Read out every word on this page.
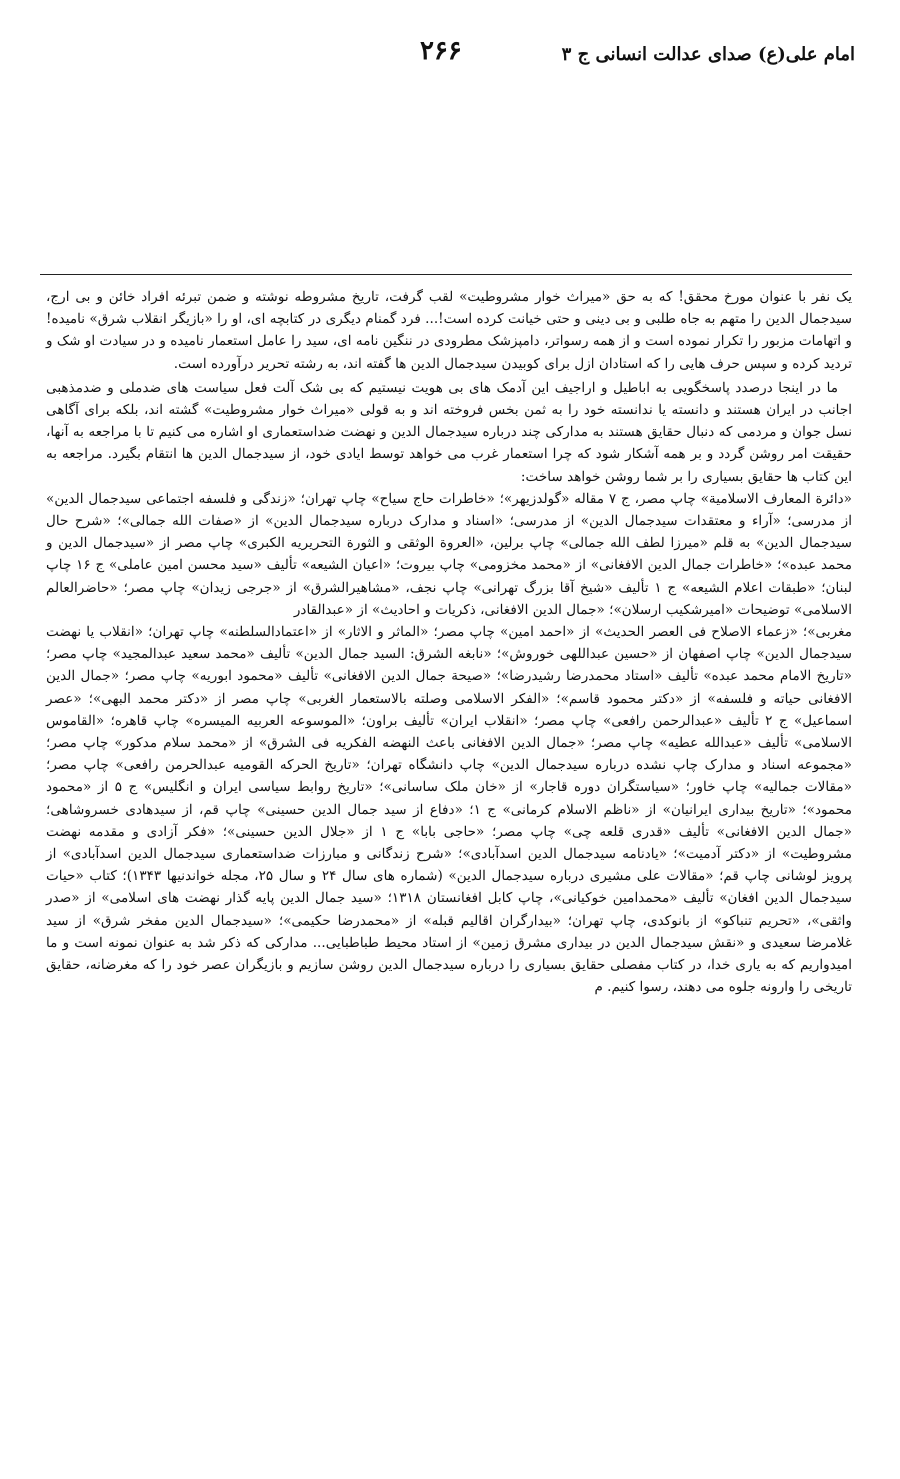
امام علی(ع) صدای عدالت انسانی ج ۳
۲۶۶

یک نفر با عنوان مورخ محقق! که به حق «میراث خوار مشروطیت» لقب گرفت، تاریخ مشروطه نوشته و ضمن تبرئه افراد خائن و بی ارج، سیدجمال الدین را متهم به جاه طلبی و بی دینی و حتی خیانت کرده است!... فرد گمنام دیگری در کتابچه ای، او را «بازیگر انقلاب شرق» نامیده! و اتهامات مزبور را تکرار نموده است و از همه رسواتر، دامپزشک مطرودی در ننگین نامه ای، سید را عامل استعمار نامیده و در سیادت او شک و تردید کرده و سپس حرف هایی را که استادان ازل برای کوبیدن سیدجمال الدین ها گفته اند، به رشته تحریر درآورده است.

ما در اینجا درصدد پاسخگویی به اباطیل و اراجیف این آدمک های بی هویت نیستیم که بی شک آلت فعل سیاست های ضدملی و ضدمذهبی اجانب در ایران هستند و دانسته یا ندانسته خود را به ثمن بخس فروخته اند و به قولی «میراث خوار مشروطیت» گشته اند، بلکه برای آگاهی نسل جوان و مردمی که دنبال حقایق هستند به مدارکی چند درباره سیدجمال الدین و نهضت ضداستعماری او اشاره می کنیم تا با مراجعه به آنها، حقیقت امر روشن گردد و بر همه آشکار شود که چرا استعمار غرب می خواهد توسط ایادی خود، از سیدجمال الدین ها انتقام بگیرد. مراجعه به این کتاب ها حقایق بسیاری را بر شما روشن خواهد ساخت:

«دائرة المعارف الاسلامیة» چاپ مصر، ج ۷ مقاله «گولدزیهر»؛ «خاطرات حاج سیاح» چاپ تهران؛ «زندگی و فلسفه اجتماعی سیدجمال الدین» از مدرسی؛ «آراء و معتقدات سیدجمال الدین» از مدرسی؛ «اسناد و مدارک درباره سیدجمال الدین» از «صفات الله جمالی»؛ «شرح حال سیدجمال الدین» به قلم «میرزا لطف الله جمالی» چاپ برلین، «العروة الوثقی و الثورة التحریریه الکبری» چاپ مصر از «سیدجمال الدین و محمد عبده»؛ «خاطرات جمال الدین الافغانی» از «محمد مخزومی» چاپ بیروت؛ «اعیان الشیعه» تألیف «سید محسن امین عاملی» ج ۱۶ چاپ لبنان؛ «طبقات اعلام الشیعه» ج ۱ تألیف «شیخ آقا بزرگ تهرانی» چاپ نجف، «مشاهیرالشرق» از «جرجی زیدان» چاپ مصر؛ «حاضرالعالم الاسلامی» توضیحات «امیرشکیب ارسلان»؛ «جمال الدین الافغانی، ذکریات و احادیث» از «عبدالقادر

مغربی»؛ «زعماء الاصلاح فی العصر الحدیث» از «احمد امین» چاپ مصر؛ «الماثر و الاثار» از «اعتمادالسلطنه» چاپ تهران؛ «انقلاب یا نهضت سیدجمال الدین» چاپ اصفهان از «حسین عبداللهی خوروش»؛ «نابغه الشرق: السید جمال الدین» تألیف «محمد سعید عبدالمجید» چاپ مصر؛ «تاریخ الامام محمد عبده» تألیف «استاد محمدرضا رشیدرضا»؛ «صیحة جمال الدین الافغانی» تألیف «محمود ابوریه» چاپ مصر؛ «جمال الدین الافغانی حیاته و فلسفه» از «دکتر محمود قاسم»؛ «الفکر الاسلامی وصلته بالاستعمار الغربی» چاپ مصر از «دکتر محمد البهی»؛ «عصر اسماعیل» ج ۲ تألیف «عبدالرحمن رافعی» چاپ مصر؛ «انقلاب ایران» تألیف براون؛ «الموسوعه العربیه المیسره» چاپ قاهره؛ «القاموس الاسلامی» تألیف «عبدالله عطیه» چاپ مصر؛ «جمال الدین الافغانی باعث النهضه الفکریه فی الشرق» از «محمد سلام مدکور» چاپ مصر؛ «مجموعه اسناد و مدارک چاپ نشده درباره سیدجمال الدین» چاپ دانشگاه تهران؛ «تاریخ الحرکه القومیه عبدالحرمن رافعی» چاپ مصر؛ «مقالات جمالیه» چاپ خاور؛ «سیاستگران دوره قاجار» از «خان ملک ساسانی»؛ «تاریخ روابط سیاسی ایران و انگلیس» ج ۵ از «محمود محمود»؛ «تاریخ بیداری ایرانیان» از «ناظم الاسلام کرمانی» ج ۱؛ «دفاع از سید جمال الدین حسینی» چاپ قم، از سیدهادی خسروشاهی؛ «جمال الدین الافغانی» تألیف «قدری قلعه چی» چاپ مصر؛ «حاجی بابا» ج ۱ از «جلال الدین حسینی»؛ «فکر آزادی و مقدمه نهضت مشروطیت» از «دکتر آدمیت»؛ «یادنامه سیدجمال الدین اسدآبادی»؛ «شرح زندگانی و مبارزات ضداستعماری سیدجمال الدین اسدآبادی» از پرویز لوشانی چاپ قم؛ «مقالات علی مشیری درباره سیدجمال الدین» (شماره های سال ۲۴ و سال ۲۵، مجله خواندنیها ۱۳۴۳)؛ کتاب «حیات سیدجمال الدین افغان» تألیف «محمدامین خوکیانی»، چاپ کابل افغانستان ۱۳۱۸؛ «سید جمال الدین پایه گذار نهضت های اسلامی» از «صدر واثقی»، «تحریم تنباکو» از بانوکدی، چاپ تهران؛ «بیدارگران اقالیم قبله» از «محمدرضا حکیمی»؛ «سیدجمال الدین مفخر شرق» از سید غلامرضا سعیدی و «نقش سیدجمال الدین در بیداری مشرق زمین» از استاد محیط طباطبایی... مدارکی که ذکر شد به عنوان نمونه است و ما امیدواریم که به یاری خدا، در کتاب مفصلی حقایق بسیاری را درباره سیدجمال الدین روشن سازیم و بازیگران عصر خود را که مغرضانه، حقایق تاریخی را وارونه جلوه می دهند، رسوا کنیم. م
